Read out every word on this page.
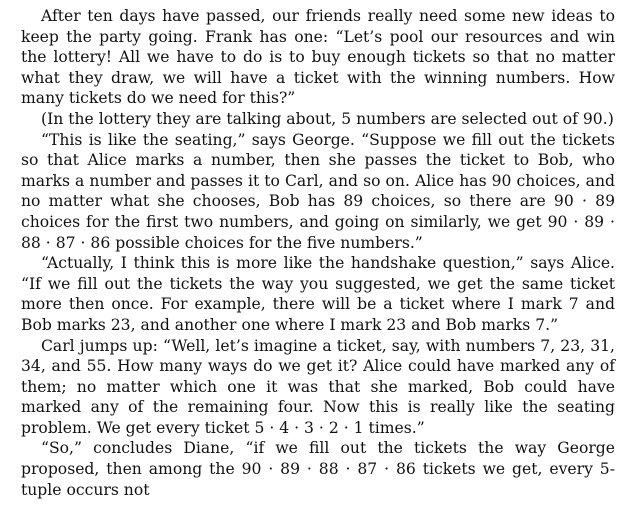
After ten days have passed, our friends really need some new ideas to keep the party going. Frank has one: “Let’s pool our resources and win the lottery! All we have to do is to buy enough tickets so that no matter what they draw, we will have a ticket with the winning numbers. How many tickets do we need for this?”

(In the lottery they are talking about, 5 numbers are selected out of 90.)

“This is like the seating,” says George. “Suppose we fill out the tickets so that Alice marks a number, then she passes the ticket to Bob, who marks a number and passes it to Carl, and so on. Alice has 90 choices, and no matter what she chooses, Bob has 89 choices, so there are 90 · 89 choices for the first two numbers, and going on similarly, we get 90 · 89 · 88 · 87 · 86 possible choices for the five numbers.”

“Actually, I think this is more like the handshake question,” says Alice. “If we fill out the tickets the way you suggested, we get the same ticket more then once. For example, there will be a ticket where I mark 7 and Bob marks 23, and another one where I mark 23 and Bob marks 7.”

Carl jumps up: “Well, let’s imagine a ticket, say, with numbers 7, 23, 31, 34, and 55. How many ways do we get it? Alice could have marked any of them; no matter which one it was that she marked, Bob could have marked any of the remaining four. Now this is really like the seating problem. We get every ticket 5 · 4 · 3 · 2 · 1 times.”

“So,” concludes Diane, “if we fill out the tickets the way George proposed, then among the 90 · 89 · 88 · 87 · 86 tickets we get, every 5-tuple occurs not
